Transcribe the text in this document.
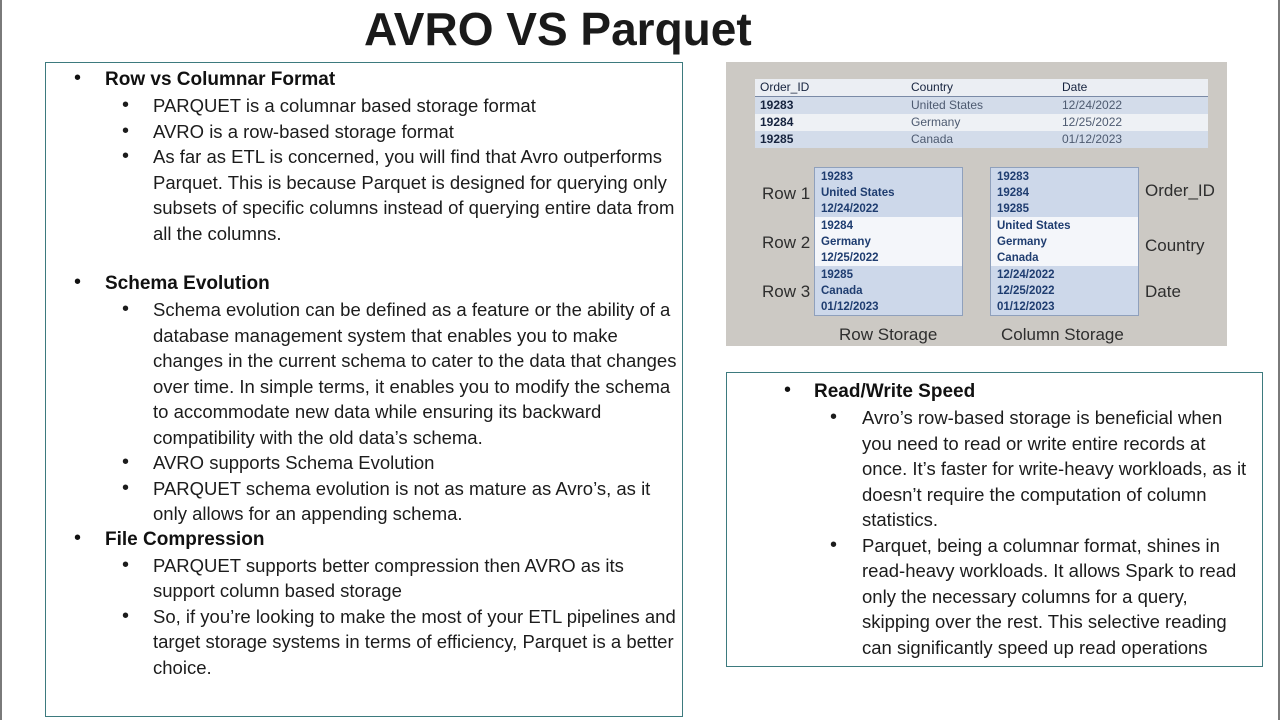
AVRO VS Parquet
• Row vs Columnar Format
• PARQUET is a columnar based storage format
• AVRO is a row-based storage format
• As far as ETL is concerned, you will find that Avro outperforms Parquet. This is because Parquet is designed for querying only subsets of specific columns instead of querying entire data from all the columns.
• Schema Evolution
• Schema evolution can be defined as a feature or the ability of a database management system that enables you to make changes in the current schema to cater to the data that changes over time. In simple terms, it enables you to modify the schema to accommodate new data while ensuring its backward compatibility with the old data’s schema.
• AVRO supports Schema Evolution
• PARQUET schema evolution is not as mature as Avro’s, as it only allows for an appending schema.
• File Compression
• PARQUET supports better compression then AVRO as its support column based storage
• So, if you’re looking to make the most of your ETL pipelines and target storage systems in terms of efficiency, Parquet is a better choice.
Order_ID	Country	Date
19283	United States	12/24/2022
19284	Germany	12/25/2022
19285	Canada	01/12/2023
Row 1
Row 2
Row 3
19283
United States
12/24/2022
19284
Germany
12/25/2022
19285
Canada
01/12/2023
19283
19284
19285
United States
Germany
Canada
12/24/2022
12/25/2022
01/12/2023
Order_ID
Country
Date
Row Storage	Column Storage
• Read/Write Speed
• Avro’s row-based storage is beneficial when you need to read or write entire records at once. It’s faster for write-heavy workloads, as it doesn’t require the computation of column statistics.
• Parquet, being a columnar format, shines in read-heavy workloads. It allows Spark to read only the necessary columns for a query, skipping over the rest. This selective reading can significantly speed up read operations
